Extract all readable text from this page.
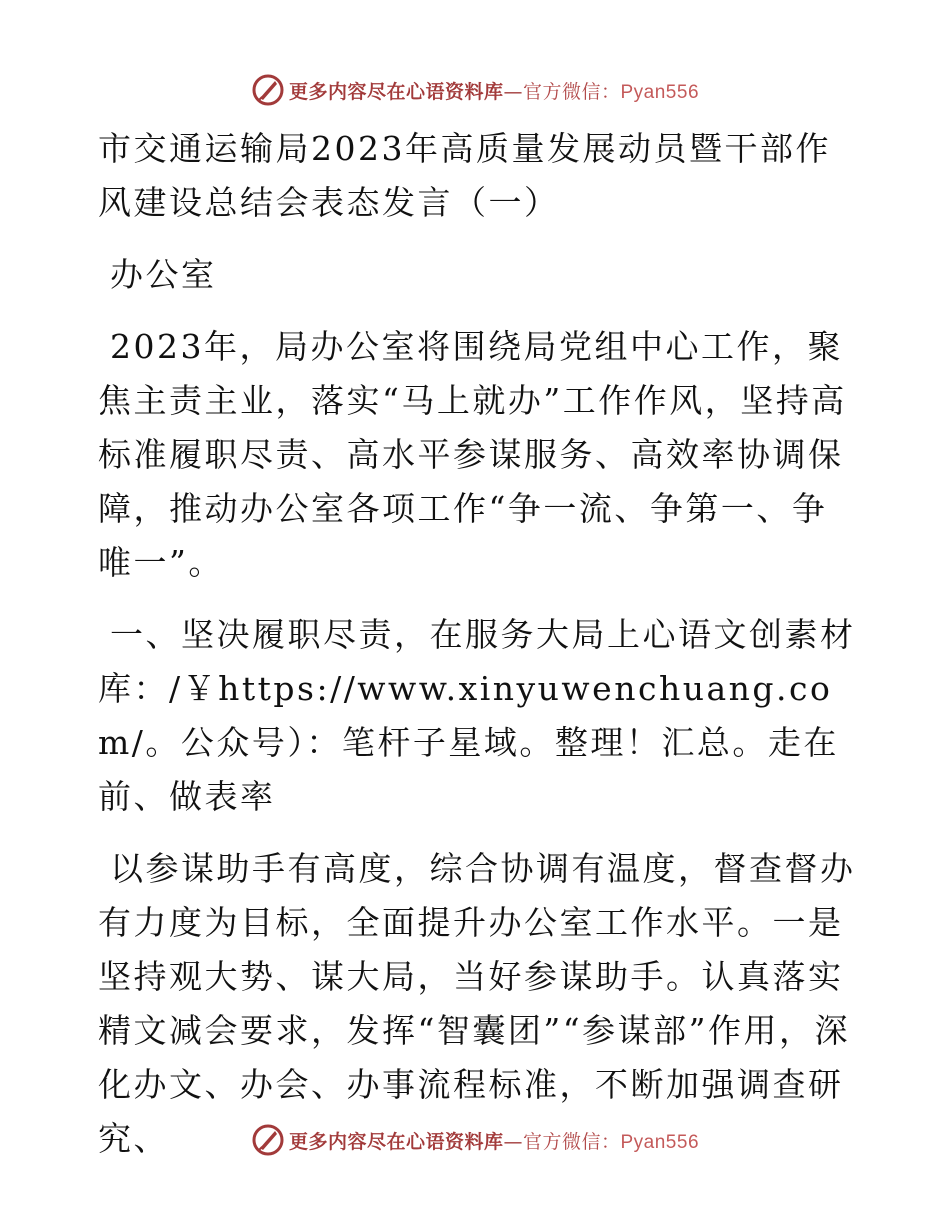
更多内容尽在心语资料库—官方微信：Pyan556

市交通运输局2023年高质量发展动员暨干部作风建设总结会表态发言（一）

办公室

2023年，局办公室将围绕局党组中心工作，聚焦主责主业，落实“马上就办”工作作风，坚持高标准履职尽责、高水平参谋服务、高效率协调保障，推动办公室各项工作“争一流、争第一、争唯一”。

一、坚决履职尽责，在服务大局上心语文创素材库：/￥https://www.xinyuwenchuang.com/。公众号）：笔杆子星域。整理！汇总。走在前、做表率

以参谋助手有高度，综合协调有温度，督查督办有力度为目标，全面提升办公室工作水平。一是坚持观大势、谋大局，当好参谋助手。认真落实精文减会要求，发挥“智囊团”“参谋部”作用，深化办文、办会、办事流程标准，不断加强调查研究、	更多内容尽在心语资料库—官方微信：Pyan556
